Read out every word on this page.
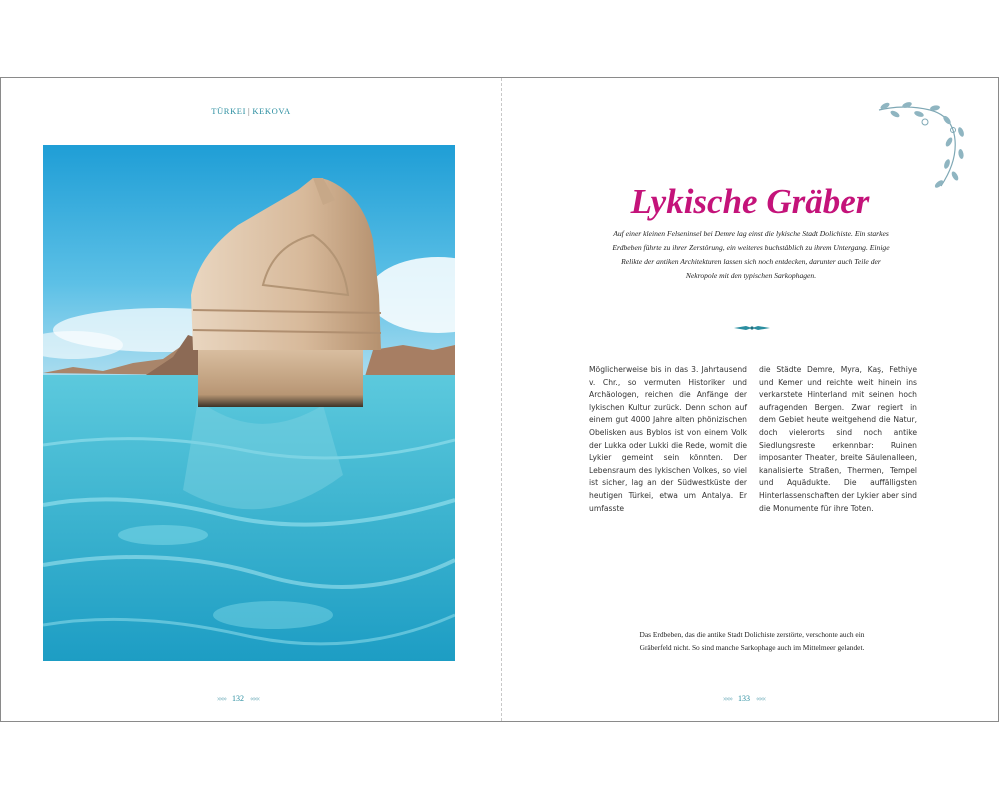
TÜRKEI | KEKOVA
»»» 132 «««
Lykische Gräber

Auf einer kleinen Felseninsel bei Demre lag einst die lykische Stadt Dolichiste. Ein starkes Erdbeben führte zu ihrer Zerstörung, ein weiteres buchstäblich zu ihrem Untergang. Einige Relikte der antiken Architekturen lassen sich noch entdecken, darunter auch Teile der Nekropole mit den typischen Sarkophagen.

Möglicherweise bis in das 3. Jahrtausend v. Chr., so vermuten Historiker und Archäologen, reichen die Anfänge der lykischen Kultur zurück. Denn schon auf einem gut 4000 Jahre alten phönizischen Obelisken aus Byblos ist von einem Volk der Lukka oder Lukki die Rede, womit die Lykier gemeint sein könnten. Der Lebensraum des lykischen Volkes, so viel ist sicher, lag an der Südwestküste der heutigen Türkei, etwa um Antalya. Er umfasste

die Städte Demre, Myra, Kaş, Fethiye und Kemer und reichte weit hinein ins verkarstete Hinterland mit seinen hoch aufragenden Bergen. Zwar regiert in dem Gebiet heute weitgehend die Natur, doch vielerorts sind noch antike Siedlungsreste erkennbar: Ruinen imposanter Theater, breite Säulenalleen, kanalisierte Straßen, Thermen, Tempel und Aquädukte. Die auffälligsten Hinterlassenschaften der Lykier aber sind die Monumente für ihre Toten.

Das Erdbeben, das die antike Stadt Dolichiste zerstörte, verschonte auch ein Gräberfeld nicht. So sind manche Sarkophage auch im Mittelmeer gelandet.

»»» 133 «««
